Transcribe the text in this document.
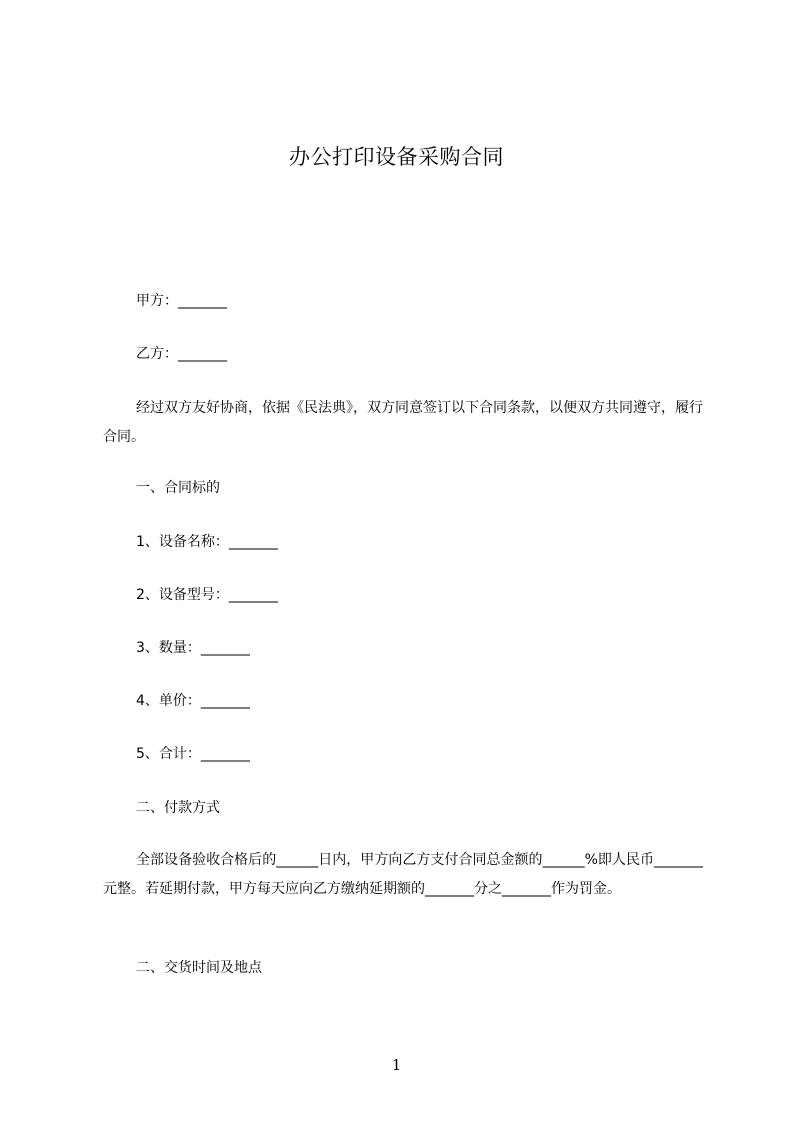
办公打印设备采购合同
甲方：_______
乙方：_______
经过双方友好协商，依据《民法典》，双方同意签订以下合同条款，以便双方共同遵守，履行合同。
一、合同标的
1、设备名称：_______
2、设备型号：_______
3、数量：_______
4、单价：_______
5、合计：_______
二、付款方式
全部设备验收合格后的______日内，甲方向乙方支付合同总金额的______%即人民币_______元整。若延期付款，甲方每天应向乙方缴纳延期额的_______分之_______作为罚金。
二、交货时间及地点
1
